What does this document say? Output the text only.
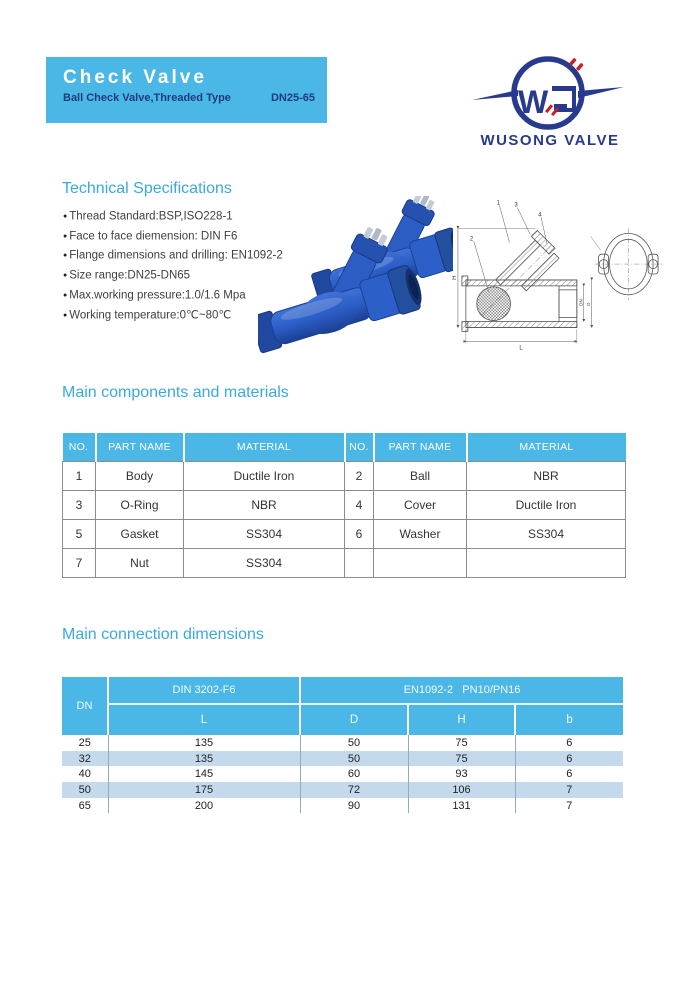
Check Valve
Ball Check Valve,Threaded Type	DN25-65	W
WUSONG VALVE
Technical Specifications
● Thread Standard:BSP,ISO228-1
● Face to face diemension: DIN F6
● Flange dimensions and drilling: EN1092-2
● Size range:DN25-DN65
● Max.working pressure:1.0/1.6 Mpa
● Working temperature:0℃~80℃
1 3
4
2
H
L
DN D
Main components and materials
NO.	PART NAME	MATERIAL	NO.	PART NAME	MATERIAL
1	Body	Ductile Iron	2	Ball	NBR
3	O-Ring	NBR	4	Cover	Ductile Iron
5	Gasket	SS304	6	Washer	SS304
7	Nut	SS304			
Main connection dimensions
DN	DIN 3202-F6	EN1092-2   PN10/PN16		
	L	D	H	b
25	135	50	75	6
32	135	50	75	6
40	145	60	93	6
50	175	72	106	7
65	200	90	131	7
